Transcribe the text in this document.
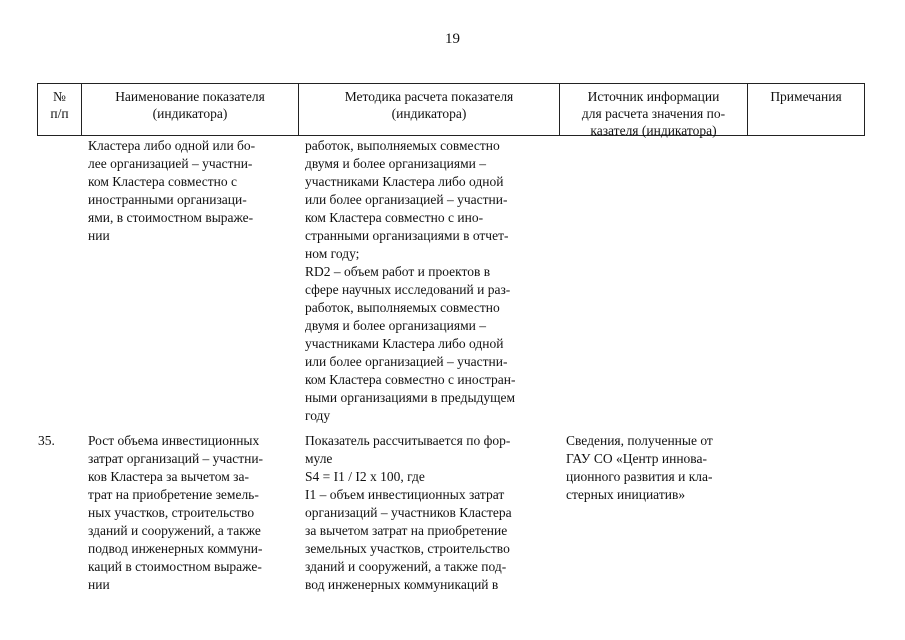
19
№
п/п
Наименование показателя
(индикатора)
Методика расчета показателя
(индикатора)
Источник информации
для расчета значения по-
казателя (индикатора)
Примечания
Кластера либо одной или бо-
лее организацией – участни-
ком Кластера совместно с
иностранными организаци-
ями, в стоимостном выраже-
нии
работок, выполняемых совместно
двумя и более организациями –
участниками Кластера либо одной
или более организацией – участни-
ком Кластера совместно с ино-
странными организациями в отчет-
ном году;
RD2 – объем работ и проектов в
сфере научных исследований и раз-
работок, выполняемых совместно
двумя и более организациями –
участниками Кластера либо одной
или более организацией – участни-
ком Кластера совместно с иностран-
ными организациями в предыдущем
году
35. Рост объема инвестиционных
затрат организаций – участни-
ков Кластера за вычетом за-
трат на приобретение земель-
ных участков, строительство
зданий и сооружений, а также
подвод инженерных коммуни-
каций в стоимостном выраже-
нии
Показатель рассчитывается по фор-
муле
S4 = I1 / I2 x 100, где
I1 – объем инвестиционных затрат
организаций – участников Кластера
за вычетом затрат на приобретение
земельных участков, строительство
зданий и сооружений, а также под-
вод инженерных коммуникаций в
Сведения, полученные от
ГАУ СО «Центр иннова-
ционного развития и кла-
стерных инициатив»
